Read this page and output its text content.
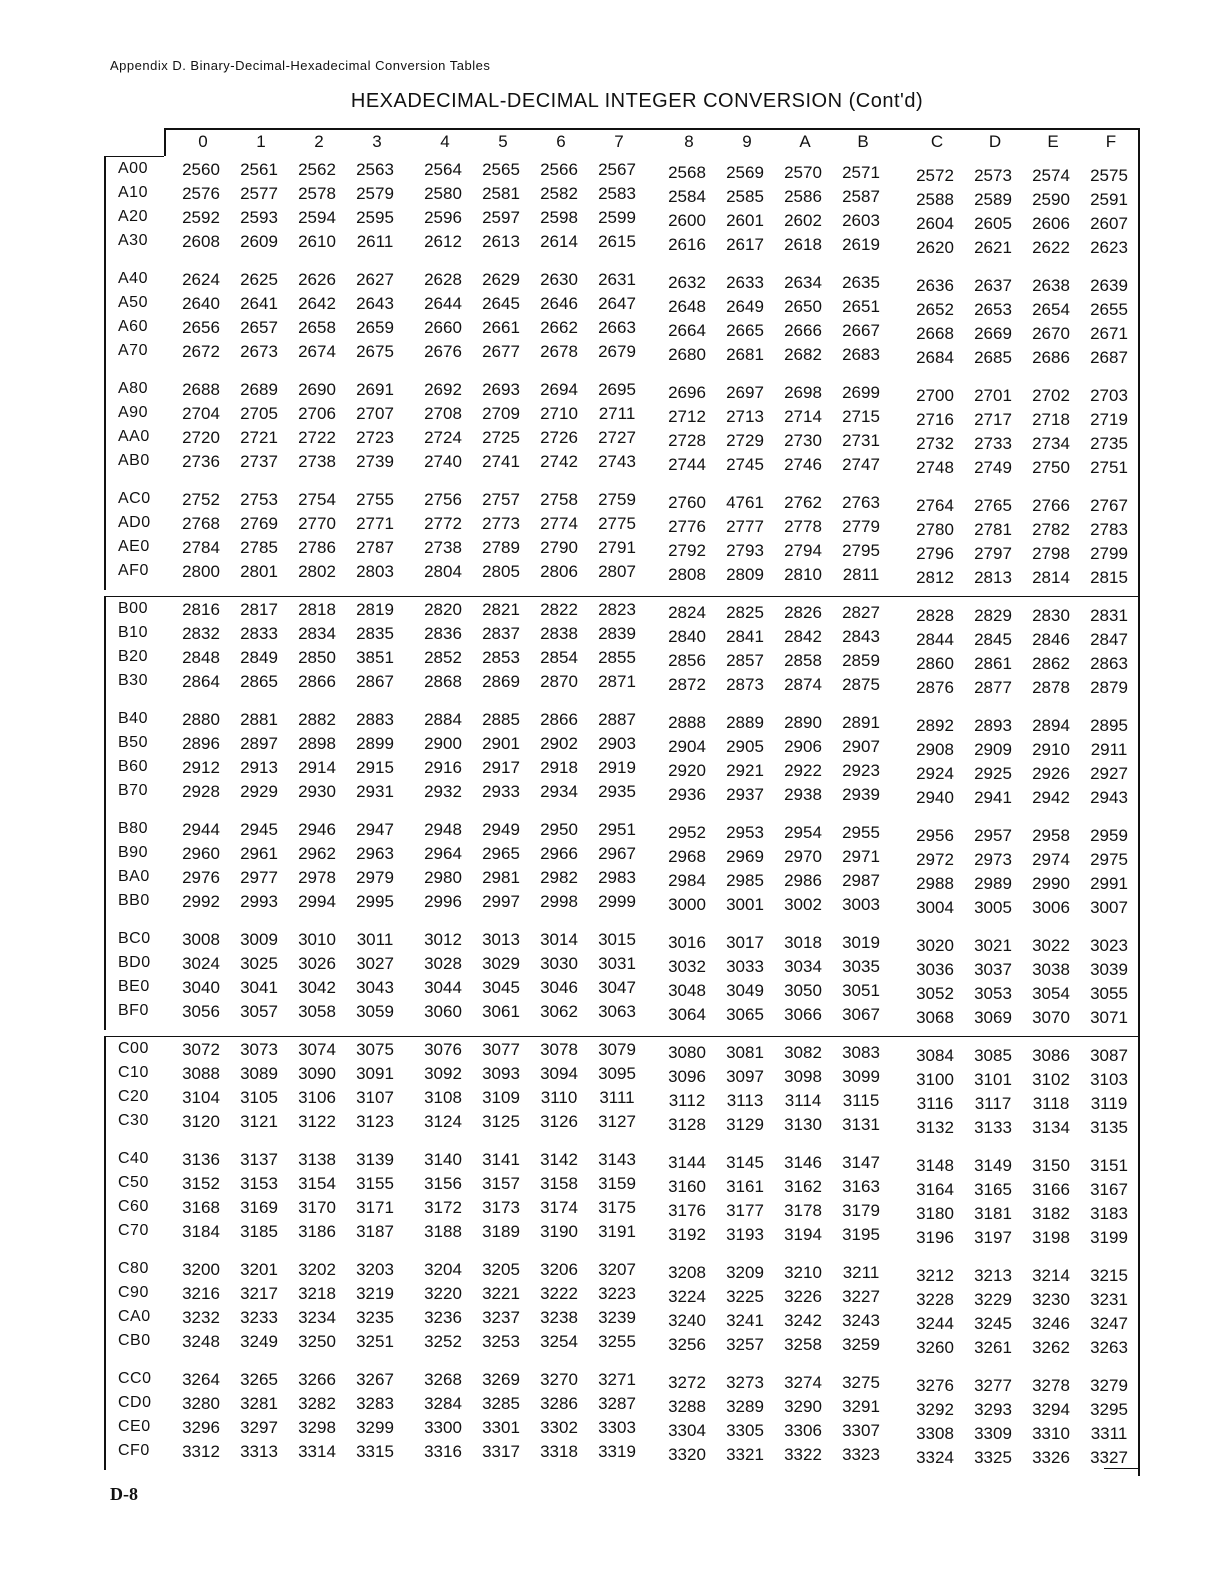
Appendix D. Binary-Decimal-Hexadecimal Conversion Tables
HEXADECIMAL-DECIMAL INTEGER CONVERSION (Cont'd)
0	1	2	3	4	5	6	7	8	9	A	B	C	D	E	F
A00	2560	2561	2562	2563	2564	2565	2566	2567	2568	2569	2570	2571	2572	2573	2574	2575
A10	2576	2577	2578	2579	2580	2581	2582	2583	2584	2585	2586	2587	2588	2589	2590	2591
A20	2592	2593	2594	2595	2596	2597	2598	2599	2600	2601	2602	2603	2604	2605	2606	2607
A30	2608	2609	2610	2611	2612	2613	2614	2615	2616	2617	2618	2619	2620	2621	2622	2623
A40	2624	2625	2626	2627	2628	2629	2630	2631	2632	2633	2634	2635	2636	2637	2638	2639
A50	2640	2641	2642	2643	2644	2645	2646	2647	2648	2649	2650	2651	2652	2653	2654	2655
A60	2656	2657	2658	2659	2660	2661	2662	2663	2664	2665	2666	2667	2668	2669	2670	2671
A70	2672	2673	2674	2675	2676	2677	2678	2679	2680	2681	2682	2683	2684	2685	2686	2687
A80	2688	2689	2690	2691	2692	2693	2694	2695	2696	2697	2698	2699	2700	2701	2702	2703
A90	2704	2705	2706	2707	2708	2709	2710	2711	2712	2713	2714	2715	2716	2717	2718	2719
AA0	2720	2721	2722	2723	2724	2725	2726	2727	2728	2729	2730	2731	2732	2733	2734	2735
AB0	2736	2737	2738	2739	2740	2741	2742	2743	2744	2745	2746	2747	2748	2749	2750	2751
AC0	2752	2753	2754	2755	2756	2757	2758	2759	2760	4761	2762	2763	2764	2765	2766	2767
AD0	2768	2769	2770	2771	2772	2773	2774	2775	2776	2777	2778	2779	2780	2781	2782	2783
AE0	2784	2785	2786	2787	2738	2789	2790	2791	2792	2793	2794	2795	2796	2797	2798	2799
AF0	2800	2801	2802	2803	2804	2805	2806	2807	2808	2809	2810	2811	2812	2813	2814	2815
B00	2816	2817	2818	2819	2820	2821	2822	2823	2824	2825	2826	2827	2828	2829	2830	2831
B10	2832	2833	2834	2835	2836	2837	2838	2839	2840	2841	2842	2843	2844	2845	2846	2847
B20	2848	2849	2850	3851	2852	2853	2854	2855	2856	2857	2858	2859	2860	2861	2862	2863
B30	2864	2865	2866	2867	2868	2869	2870	2871	2872	2873	2874	2875	2876	2877	2878	2879
B40	2880	2881	2882	2883	2884	2885	2866	2887	2888	2889	2890	2891	2892	2893	2894	2895
B50	2896	2897	2898	2899	2900	2901	2902	2903	2904	2905	2906	2907	2908	2909	2910	2911
B60	2912	2913	2914	2915	2916	2917	2918	2919	2920	2921	2922	2923	2924	2925	2926	2927
B70	2928	2929	2930	2931	2932	2933	2934	2935	2936	2937	2938	2939	2940	2941	2942	2943
B80	2944	2945	2946	2947	2948	2949	2950	2951	2952	2953	2954	2955	2956	2957	2958	2959
B90	2960	2961	2962	2963	2964	2965	2966	2967	2968	2969	2970	2971	2972	2973	2974	2975
BA0	2976	2977	2978	2979	2980	2981	2982	2983	2984	2985	2986	2987	2988	2989	2990	2991
BB0	2992	2993	2994	2995	2996	2997	2998	2999	3000	3001	3002	3003	3004	3005	3006	3007
BC0	3008	3009	3010	3011	3012	3013	3014	3015	3016	3017	3018	3019	3020	3021	3022	3023
BD0	3024	3025	3026	3027	3028	3029	3030	3031	3032	3033	3034	3035	3036	3037	3038	3039
BE0	3040	3041	3042	3043	3044	3045	3046	3047	3048	3049	3050	3051	3052	3053	3054	3055
BF0	3056	3057	3058	3059	3060	3061	3062	3063	3064	3065	3066	3067	3068	3069	3070	3071
C00	3072	3073	3074	3075	3076	3077	3078	3079	3080	3081	3082	3083	3084	3085	3086	3087
C10	3088	3089	3090	3091	3092	3093	3094	3095	3096	3097	3098	3099	3100	3101	3102	3103
C20	3104	3105	3106	3107	3108	3109	3110	3111	3112	3113	3114	3115	3116	3117	3118	3119
C30	3120	3121	3122	3123	3124	3125	3126	3127	3128	3129	3130	3131	3132	3133	3134	3135
C40	3136	3137	3138	3139	3140	3141	3142	3143	3144	3145	3146	3147	3148	3149	3150	3151
C50	3152	3153	3154	3155	3156	3157	3158	3159	3160	3161	3162	3163	3164	3165	3166	3167
C60	3168	3169	3170	3171	3172	3173	3174	3175	3176	3177	3178	3179	3180	3181	3182	3183
C70	3184	3185	3186	3187	3188	3189	3190	3191	3192	3193	3194	3195	3196	3197	3198	3199
C80	3200	3201	3202	3203	3204	3205	3206	3207	3208	3209	3210	3211	3212	3213	3214	3215
C90	3216	3217	3218	3219	3220	3221	3222	3223	3224	3225	3226	3227	3228	3229	3230	3231
CA0	3232	3233	3234	3235	3236	3237	3238	3239	3240	3241	3242	3243	3244	3245	3246	3247
CB0	3248	3249	3250	3251	3252	3253	3254	3255	3256	3257	3258	3259	3260	3261	3262	3263
CC0	3264	3265	3266	3267	3268	3269	3270	3271	3272	3273	3274	3275	3276	3277	3278	3279
CD0	3280	3281	3282	3283	3284	3285	3286	3287	3288	3289	3290	3291	3292	3293	3294	3295
CE0	3296	3297	3298	3299	3300	3301	3302	3303	3304	3305	3306	3307	3308	3309	3310	3311
CF0	3312	3313	3314	3315	3316	3317	3318	3319	3320	3321	3322	3323	3324	3325	3326	3327
D-8
